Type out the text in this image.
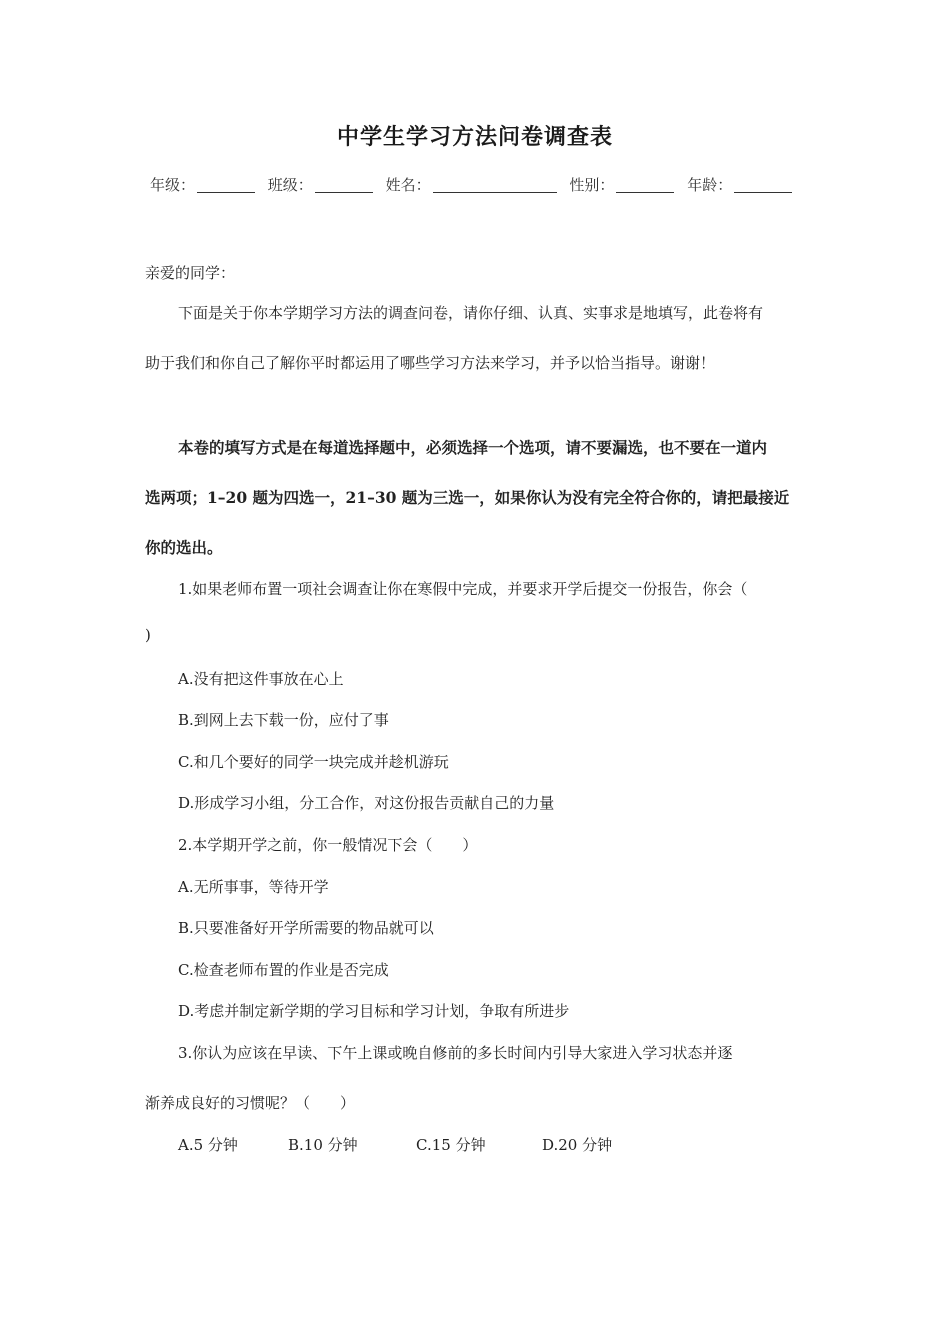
中学生学习方法问卷调查表
年级：	班级：	姓名：	性别：	年龄：
亲爱的同学：
下面是关于你本学期学习方法的调查问卷，请你仔细、认真、实事求是地填写，此卷将有
助于我们和你自己了解你平时都运用了哪些学习方法来学习，并予以恰当指导。谢谢！
本卷的填写方式是在每道选择题中，必须选择一个选项，请不要漏选，也不要在一道内
选两项；1–20 题为四选一，21–30 题为三选一，如果你认为没有完全符合你的，请把最接近
你的选出。
1.如果老师布置一项社会调查让你在寒假中完成，并要求开学后提交一份报告，你会（
)
A.没有把这件事放在心上
B.到网上去下载一份，应付了事
C.和几个要好的同学一块完成并趁机游玩
D.形成学习小组，分工合作，对这份报告贡献自己的力量
2.本学期开学之前，你一般情况下会（　　）
A.无所事事，等待开学
B.只要准备好开学所需要的物品就可以
C.检查老师布置的作业是否完成
D.考虑并制定新学期的学习目标和学习计划，争取有所进步
3.你认为应该在早读、下午上课或晚自修前的多长时间内引导大家进入学习状态并逐
渐养成良好的习惯呢？（　　）
A.5 分钟	B.10 分钟	C.15 分钟	D.20 分钟
